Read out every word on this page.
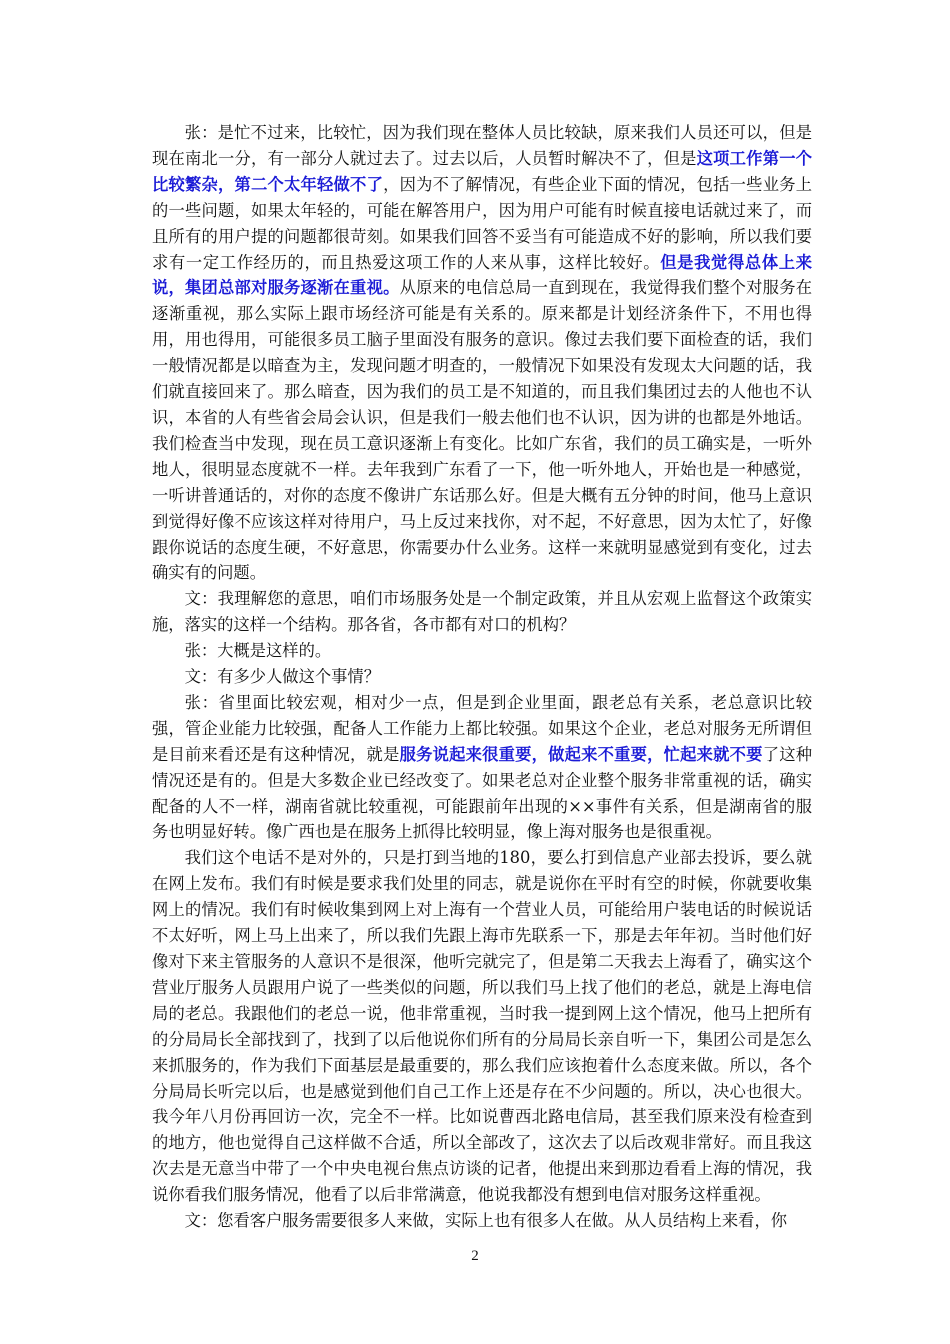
张：是忙不过来，比较忙，因为我们现在整体人员比较缺，原来我们人员还可以，但是现在南北一分，有一部分人就过去了。过去以后，人员暂时解决不了，但是这项工作第一个比较繁杂，第二个太年轻做不了，因为不了解情况，有些企业下面的情况，包括一些业务上的一些问题，如果太年轻的，可能在解答用户，因为用户可能有时候直接电话就过来了，而且所有的用户提的问题都很苛刻。如果我们回答不妥当有可能造成不好的影响，所以我们要求有一定工作经历的，而且热爱这项工作的人来从事，这样比较好。但是我觉得总体上来说，集团总部对服务逐渐在重视。从原来的电信总局一直到现在，我觉得我们整个对服务在逐渐重视，那么实际上跟市场经济可能是有关系的。原来都是计划经济条件下，不用也得用，用也得用，可能很多员工脑子里面没有服务的意识。像过去我们要下面检查的话，我们一般情况都是以暗查为主，发现问题才明查的，一般情况下如果没有发现太大问题的话，我们就直接回来了。那么暗查，因为我们的员工是不知道的，而且我们集团过去的人他也不认识，本省的人有些省会局会认识，但是我们一般去他们也不认识，因为讲的也都是外地话。我们检查当中发现，现在员工意识逐渐上有变化。比如广东省，我们的员工确实是，一听外地人，很明显态度就不一样。去年我到广东看了一下，他一听外地人，开始也是一种感觉，一听讲普通话的，对你的态度不像讲广东话那么好。但是大概有五分钟的时间，他马上意识到觉得好像不应该这样对待用户，马上反过来找你，对不起，不好意思，因为太忙了，好像跟你说话的态度生硬，不好意思，你需要办什么业务。这样一来就明显感觉到有变化，过去确实有的问题。

文：我理解您的意思，咱们市场服务处是一个制定政策，并且从宏观上监督这个政策实施，落实的这样一个结构。那各省，各市都有对口的机构？

张：大概是这样的。

文：有多少人做这个事情？

张：省里面比较宏观，相对少一点，但是到企业里面，跟老总有关系，老总意识比较强，管企业能力比较强，配备人工作能力上都比较强。如果这个企业，老总对服务无所谓但是目前来看还是有这种情况，就是服务说起来很重要，做起来不重要，忙起来就不要了这种情况还是有的。但是大多数企业已经改变了。如果老总对企业整个服务非常重视的话，确实配备的人不一样，湖南省就比较重视，可能跟前年出现的××事件有关系，但是湖南省的服务也明显好转。像广西也是在服务上抓得比较明显，像上海对服务也是很重视。

我们这个电话不是对外的，只是打到当地的180，要么打到信息产业部去投诉，要么就在网上发布。我们有时候是要求我们处里的同志，就是说你在平时有空的时候，你就要收集网上的情况。我们有时候收集到网上对上海有一个营业人员，可能给用户装电话的时候说话不太好听，网上马上出来了，所以我们先跟上海市先联系一下，那是去年年初。当时他们好像对下来主管服务的人意识不是很深，他听完就完了，但是第二天我去上海看了，确实这个营业厅服务人员跟用户说了一些类似的问题，所以我们马上找了他们的老总，就是上海电信局的老总。我跟他们的老总一说，他非常重视，当时我一提到网上这个情况，他马上把所有的分局局长全部找到了，找到了以后他说你们所有的分局局长亲自听一下，集团公司是怎么来抓服务的，作为我们下面基层是最重要的，那么我们应该抱着什么态度来做。所以，各个分局局长听完以后，也是感觉到他们自己工作上还是存在不少问题的。所以，决心也很大。我今年八月份再回访一次，完全不一样。比如说曹西北路电信局，甚至我们原来没有检查到的地方，他也觉得自己这样做不合适，所以全部改了，这次去了以后改观非常好。而且我这次去是无意当中带了一个中央电视台焦点访谈的记者，他提出来到那边看看上海的情况，我说你看我们服务情况，他看了以后非常满意，他说我都没有想到电信对服务这样重视。

文：您看客户服务需要很多人来做，实际上也有很多人在做。从人员结构上来看，你

2
